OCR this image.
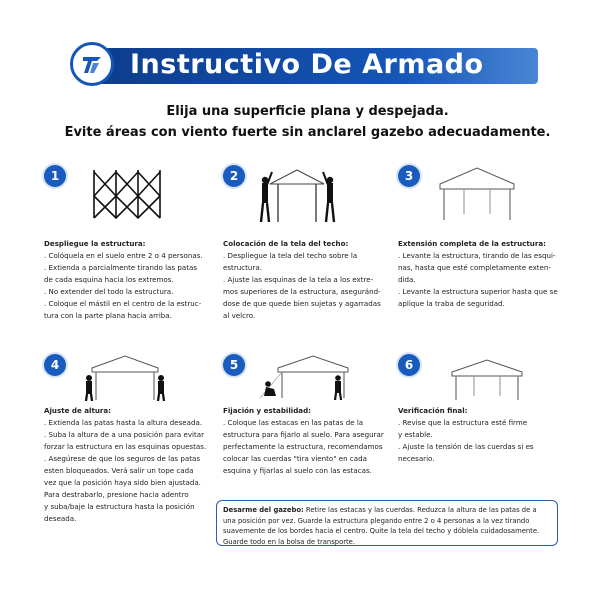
Instructivo De Armado
Elija una superficie plana y despejada.
Evite áreas con viento fuerte sin anclarel gazebo adecuadamente.
1
Despliegue la estructura:
. Colóquela en el suelo entre 2 o 4 personas.
. Extienda a parcialmente tirando las patas
de cada esquina hacia los extremos.
. No extender del todo la estructura.
. Coloque el mástil en el centro de la estruc-
tura con la parte plana hacia arriba.
2
Colocación de la tela del techo:
. Despliegue la tela del techo sobre la
estructura.
. Ajuste las esquinas de la tela a los extre-
mos superiores de la estructura, aseguránd-
dose de que quede bien sujetas y agarradas
al velcro.
3
Extensión completa de la estructura:
. Levante la estructura, tirando de las esqui-
nas, hasta que esté completamente exten-
dida.
. Levante la estructura superior hasta que se
aplique la traba de seguridad.
4
Ajuste de altura:
. Extienda las patas hasta la altura deseada.
. Suba la altura de a una posición para evitar
forzar la estructura en las esquinas opuestas.
. Asegúrese de que los seguros de las patas
esten bloqueados. Verá salir un tope cada
vez que la posición haya sido bien ajustada.
Para destrabarlo, presione hacia adentro
y suba/baje la estructura hasta la posición
deseada.
5
Fijación y estabilidad:
. Coloque las estacas en las patas de la
estructura para fijarlo al suelo. Para asegurar
perfectamente la estructura, recomendamos
colocar las cuerdas "tira viento" en cada
esquina y fijarlas al suelo con las estacas.
6
Verificación final:
. Revise que la estructura esté firme
y estable.
. Ajuste la tensión de las cuerdas si es
necesario.
Desarme del gazebo: Retire las estacas y las cuerdas. Reduzca la altura de las patas de a una posición por vez. Guarde la estructura plegando entre 2 o 4 personas a la vez tirando suavemente de los bordes hacia el centro. Quite la tela del techo y dóblela cuidadosamente. Guarde todo en la bolsa de transporte.
